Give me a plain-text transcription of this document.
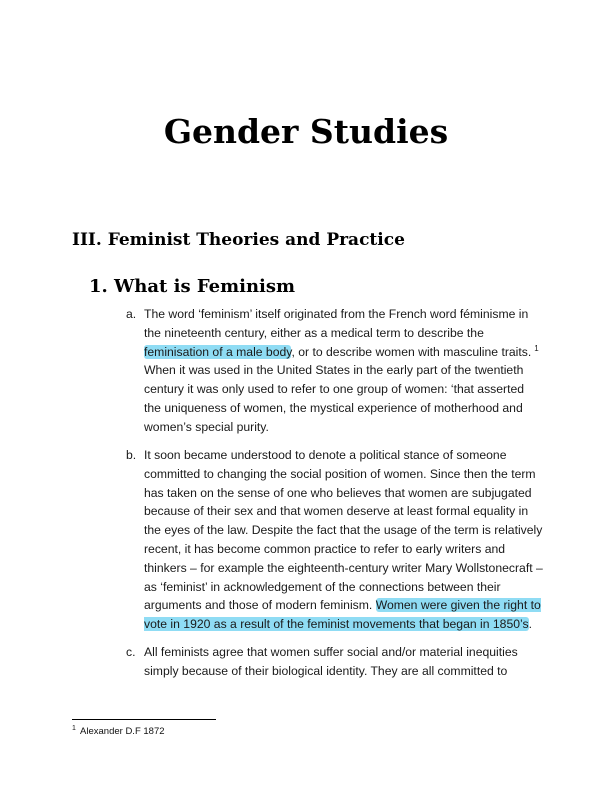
Gender Studies
III. Feminist Theories and Practice
1. What is Feminism
a. The word ‘feminism’ itself originated from the French word féminisme in the nineteenth century, either as a medical term to describe the feminisation of a male body, or to describe women with masculine traits. $^1$ When it was used in the United States in the early part of the twentieth century it was only used to refer to one group of women: ‘that asserted the uniqueness of women, the mystical experience of motherhood and women’s special purity.
b. It soon became understood to denote a political stance of someone committed to changing the social position of women. Since then the term has taken on the sense of one who believes that women are subjugated because of their sex and that women deserve at least formal equality in the eyes of the law. Despite the fact that the usage of the term is relatively recent, it has become common practice to refer to early writers and thinkers – for example the eighteenth-century writer Mary Wollstonecraft – as ‘feminist’ in acknowledgement of the connections between their arguments and those of modern feminism. Women were given the right to vote in 1920 as a result of the feminist movements that began in 1850’s.
c. All feminists agree that women suffer social and/or material inequities simply because of their biological identity. They are all committed to
$^1$ Alexander D.F 1872
